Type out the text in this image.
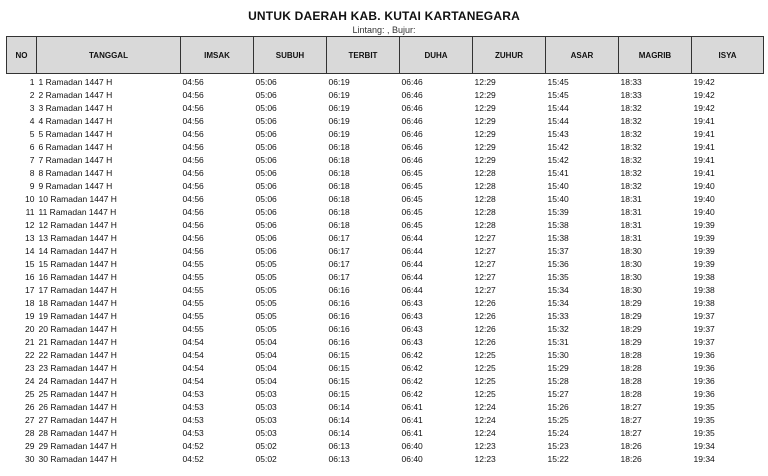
UNTUK DAERAH KAB. KUTAI KARTANEGARA
Lintang: , Bujur:
NO	TANGGAL	IMSAK	SUBUH	TERBIT	DUHA	ZUHUR	ASAR	MAGRIB	ISYA
1	1 Ramadan 1447 H	04:56	05:06	06:19	06:46	12:29	15:45	18:33	19:42
2	2 Ramadan 1447 H	04:56	05:06	06:19	06:46	12:29	15:45	18:33	19:42
3	3 Ramadan 1447 H	04:56	05:06	06:19	06:46	12:29	15:44	18:32	19:42
4	4 Ramadan 1447 H	04:56	05:06	06:19	06:46	12:29	15:44	18:32	19:41
5	5 Ramadan 1447 H	04:56	05:06	06:19	06:46	12:29	15:43	18:32	19:41
6	6 Ramadan 1447 H	04:56	05:06	06:18	06:46	12:29	15:42	18:32	19:41
7	7 Ramadan 1447 H	04:56	05:06	06:18	06:46	12:29	15:42	18:32	19:41
8	8 Ramadan 1447 H	04:56	05:06	06:18	06:45	12:28	15:41	18:32	19:41
9	9 Ramadan 1447 H	04:56	05:06	06:18	06:45	12:28	15:40	18:32	19:40
10	10 Ramadan 1447 H	04:56	05:06	06:18	06:45	12:28	15:40	18:31	19:40
11	11 Ramadan 1447 H	04:56	05:06	06:18	06:45	12:28	15:39	18:31	19:40
12	12 Ramadan 1447 H	04:56	05:06	06:18	06:45	12:28	15:38	18:31	19:39
13	13 Ramadan 1447 H	04:56	05:06	06:17	06:44	12:27	15:38	18:31	19:39
14	14 Ramadan 1447 H	04:56	05:06	06:17	06:44	12:27	15:37	18:30	19:39
15	15 Ramadan 1447 H	04:55	05:05	06:17	06:44	12:27	15:36	18:30	19:39
16	16 Ramadan 1447 H	04:55	05:05	06:17	06:44	12:27	15:35	18:30	19:38
17	17 Ramadan 1447 H	04:55	05:05	06:16	06:44	12:27	15:34	18:30	19:38
18	18 Ramadan 1447 H	04:55	05:05	06:16	06:43	12:26	15:34	18:29	19:38
19	19 Ramadan 1447 H	04:55	05:05	06:16	06:43	12:26	15:33	18:29	19:37
20	20 Ramadan 1447 H	04:55	05:05	06:16	06:43	12:26	15:32	18:29	19:37
21	21 Ramadan 1447 H	04:54	05:04	06:16	06:43	12:26	15:31	18:29	19:37
22	22 Ramadan 1447 H	04:54	05:04	06:15	06:42	12:25	15:30	18:28	19:36
23	23 Ramadan 1447 H	04:54	05:04	06:15	06:42	12:25	15:29	18:28	19:36
24	24 Ramadan 1447 H	04:54	05:04	06:15	06:42	12:25	15:28	18:28	19:36
25	25 Ramadan 1447 H	04:53	05:03	06:15	06:42	12:25	15:27	18:28	19:36
26	26 Ramadan 1447 H	04:53	05:03	06:14	06:41	12:24	15:26	18:27	19:35
27	27 Ramadan 1447 H	04:53	05:03	06:14	06:41	12:24	15:25	18:27	19:35
28	28 Ramadan 1447 H	04:53	05:03	06:14	06:41	12:24	15:24	18:27	19:35
29	29 Ramadan 1447 H	04:52	05:02	06:13	06:40	12:23	15:23	18:26	19:34
30	30 Ramadan 1447 H	04:52	05:02	06:13	06:40	12:23	15:22	18:26	19:34
